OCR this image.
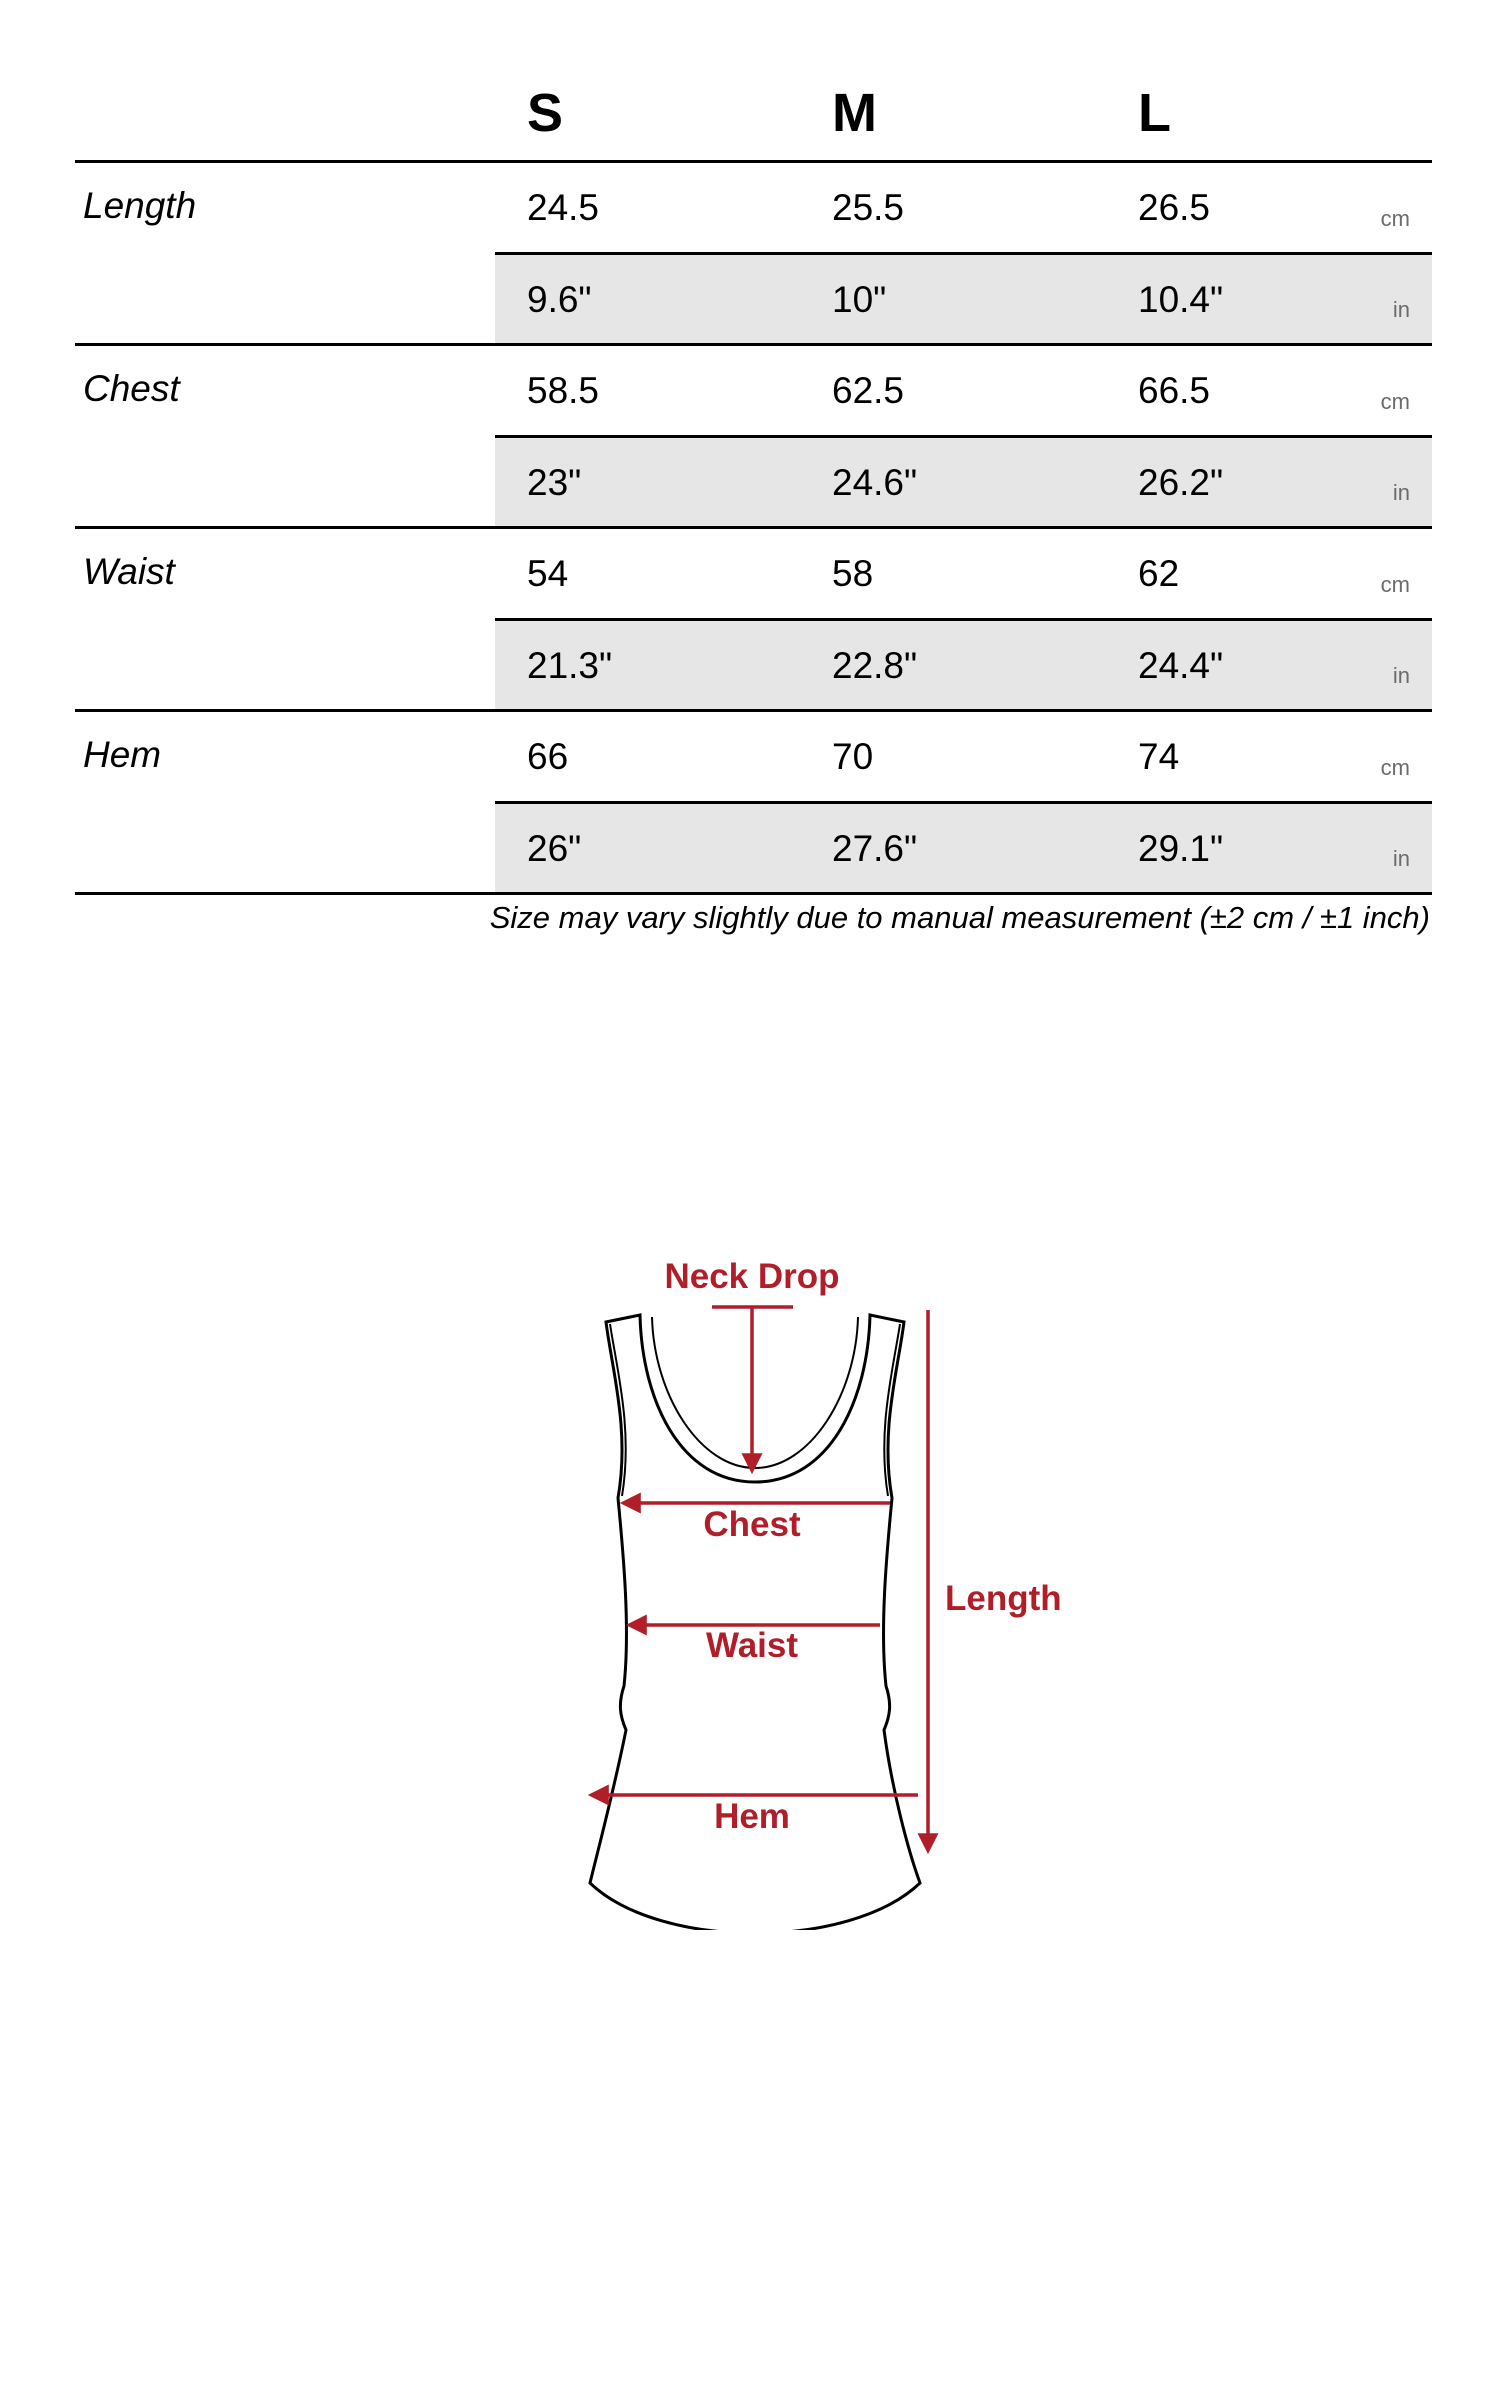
S	M	L
Length	24.5	25.5	26.5	cm
9.6"	10"	10.4"	in
Chest	58.5	62.5	66.5	cm
23"	24.6"	26.2"	in
Waist	54	58	62	cm
21.3"	22.8"	24.4"	in
Hem	66	70	74	cm
26"	27.6"	29.1"	in
Size may vary slightly due to manual measurement (±2 cm / ±1 inch)
Neck Drop
Chest
Waist
Hem
Length
